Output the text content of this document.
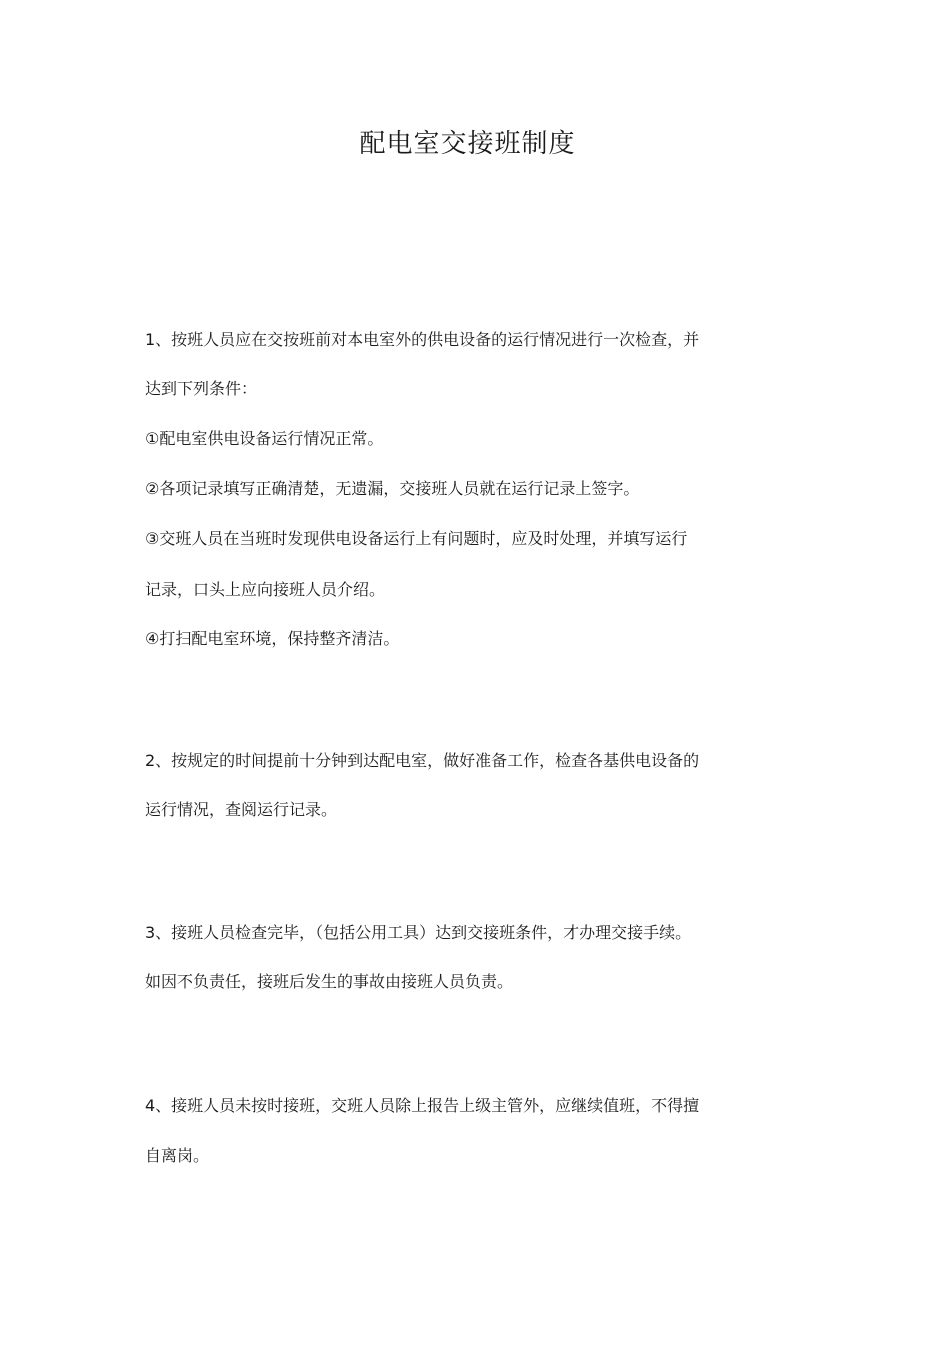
配电室交接班制度
1、按班人员应在交按班前对本电室外的供电设备的运行情况进行一次检查，并
达到下列条件：
①配电室供电设备运行情况正常。
②各项记录填写正确清楚，无遗漏，交接班人员就在运行记录上签字。
③交班人员在当班时发现供电设备运行上有问题时，应及时处理，并填写运行
记录，口头上应向接班人员介绍。
④打扫配电室环境，保持整齐清洁。
2、按规定的时间提前十分钟到达配电室，做好准备工作，检查各基供电设备的
运行情况，查阅运行记录。
3、接班人员检查完毕，（包括公用工具）达到交接班条件，才办理交接手续。
如因不负责任，接班后发生的事故由接班人员负责。
4、接班人员未按时接班，交班人员除上报告上级主管外，应继续值班，不得擅
自离岗。
